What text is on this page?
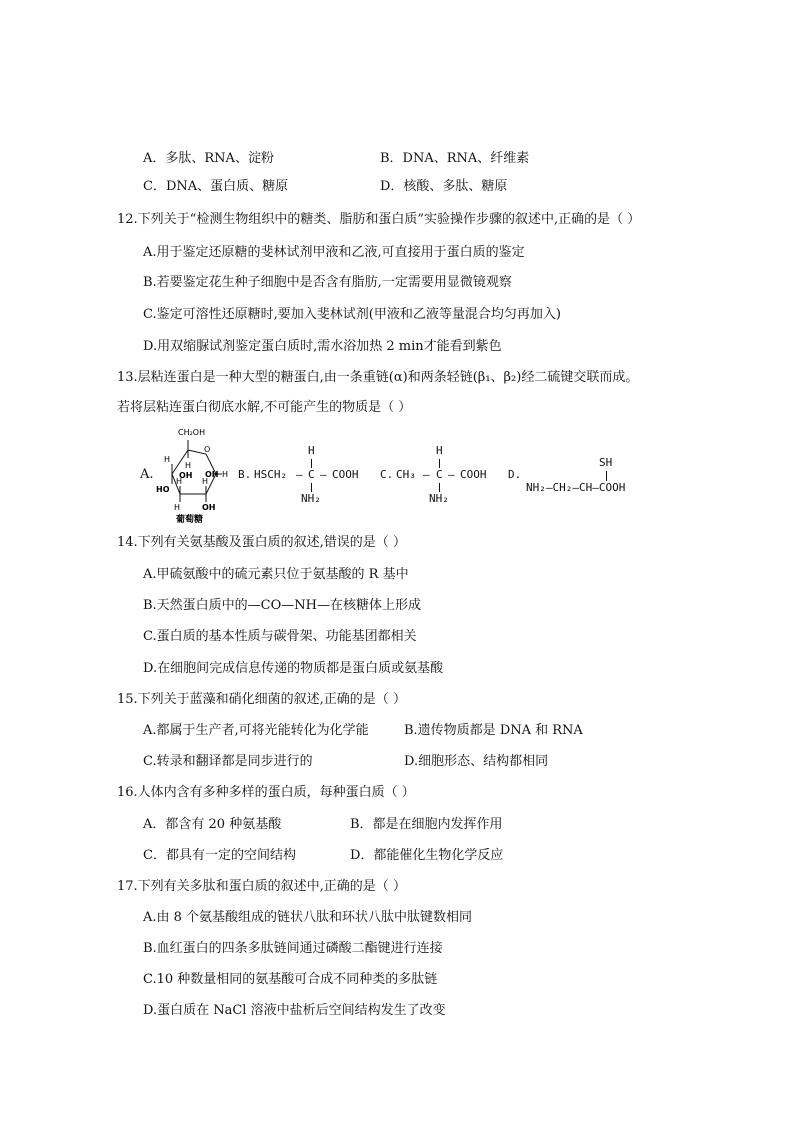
A．多肽、RNA、淀粉	B．DNA、RNA、纤维素
C．DNA、蛋白质、糖原	D．核酸、多肽、糖原
12.下列关于“检测生物组织中的糖类、脂肪和蛋白质”实验操作步骤的叙述中,正确的是（ ）
A.用于鉴定还原糖的斐林试剂甲液和乙液,可直接用于蛋白质的鉴定
B.若要鉴定花生种子细胞中是否含有脂肪,一定需要用显微镜观察
C.鉴定可溶性还原糖时,要加入斐林试剂(甲液和乙液等量混合均匀再加入)
D.用双缩脲试剂鉴定蛋白质时,需水浴加热 2 min才能看到紫色
13.层粘连蛋白是一种大型的糖蛋白,由一条重链(α)和两条轻链(β₁、β₂)经二硫键交联而成。
若将层粘连蛋白彻底水解,不可能产生的物质是（ ）
A.
CH₂OH
O
H
H
OH OH H
HO
H H
H	OH
葡萄糖
B. HSCH₂ — C — COOH
H
NH₂
C. CH₃ — C — COOH
H
NH₂
D.
NH₂—CH₂—CH—COOH
SH
14.下列有关氨基酸及蛋白质的叙述,错误的是（ ）
A.甲硫氨酸中的硫元素只位于氨基酸的 R 基中
B.天然蛋白质中的—CO—NH—在核糖体上形成
C.蛋白质的基本性质与碳骨架、功能基团都相关
D.在细胞间完成信息传递的物质都是蛋白质或氨基酸
15.下列关于蓝藻和硝化细菌的叙述,正确的是（ ）
A.都属于生产者,可将光能转化为化学能	B.遗传物质都是 DNA 和 RNA
C.转录和翻译都是同步进行的	D.细胞形态、结构都相同
16.人体内含有多种多样的蛋白质，每种蛋白质（ ）
A．都含有 20 种氨基酸	B．都是在细胞内发挥作用
C．都具有一定的空间结构	D．都能催化生物化学反应
17.下列有关多肽和蛋白质的叙述中,正确的是（ ）
A.由 8 个氨基酸组成的链状八肽和环状八肽中肽键数相同
B.血红蛋白的四条多肽链间通过磷酸二酯键进行连接
C.10 种数量相同的氨基酸可合成不同种类的多肽链
D.蛋白质在 NaCl 溶液中盐析后空间结构发生了改变
